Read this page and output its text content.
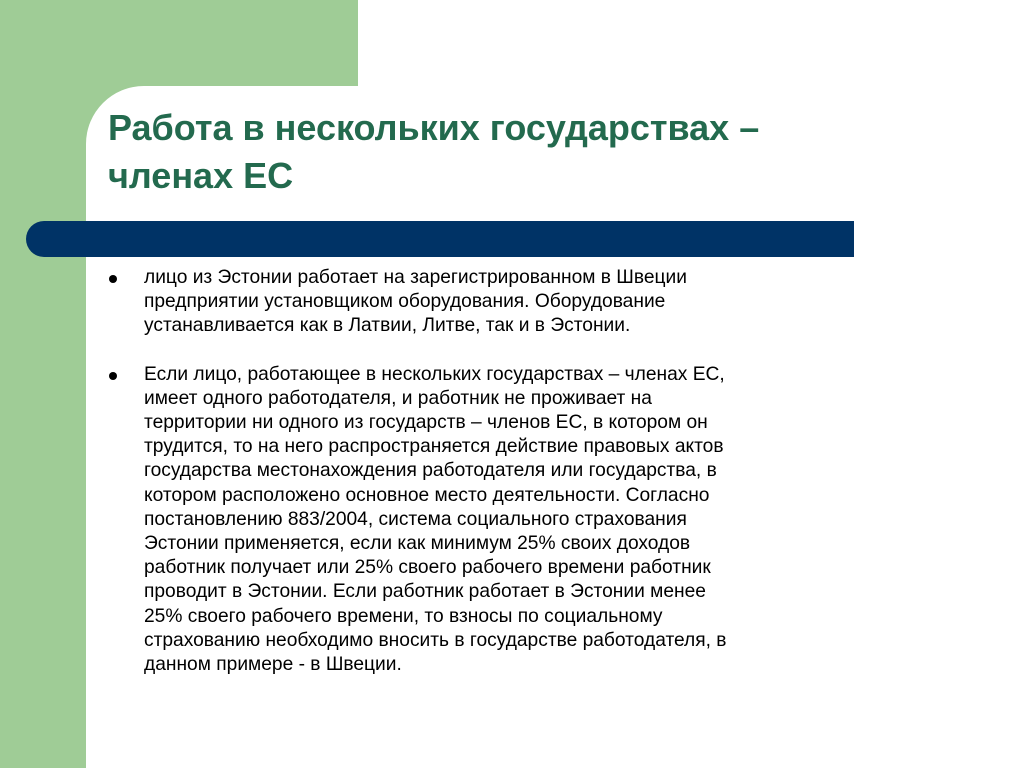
Работа в нескольких государствах –
членах ЕС
лицо из Эстонии работает на зарегистрированном в Швеции
предприятии установщиком оборудования. Оборудование
устанавливается как в Латвии, Литве, так и в Эстонии.
Если лицо, работающее в нескольких государствах – членах ЕС,
имеет одного работодателя, и работник не проживает на
территории ни одного из государств – членов ЕС, в котором он
трудится, то на него распространяется действие правовых актов
государства местонахождения работодателя или государства, в
котором расположено основное место деятельности. Согласно
постановлению 883/2004, система социального страхования
Эстонии применяется, если как минимум 25% своих доходов
работник получает или 25% своего рабочего времени работник
проводит в Эстонии. Если работник работает в Эстонии менее
25% своего рабочего времени, то взносы по социальному
страхованию необходимо вносить в государстве работодателя, в
данном примере - в Швеции.
